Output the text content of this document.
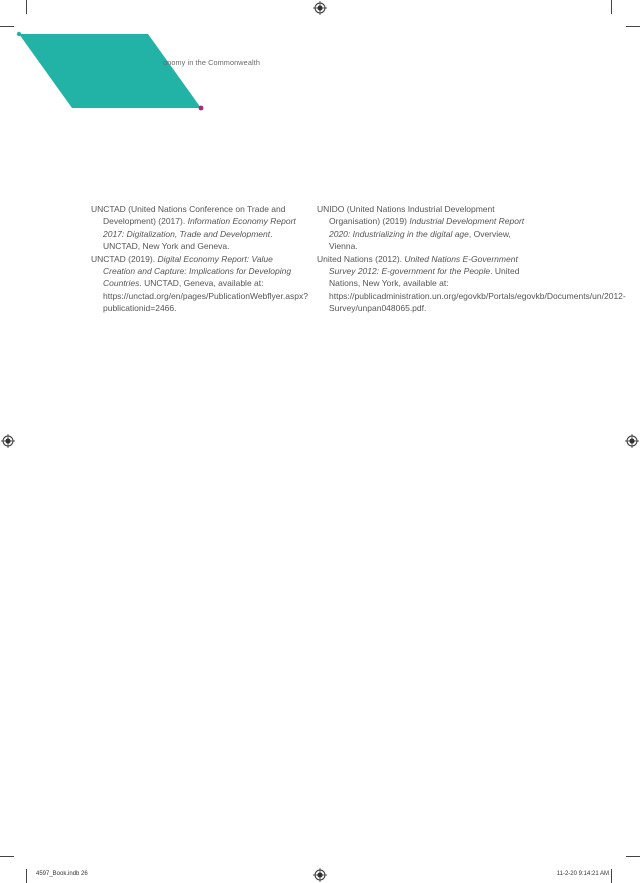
onomy in the Commonwealth

UNCTAD (United Nations Conference on Trade and Development) (2017). Information Economy Report 2017: Digitalization, Trade and Development. UNCTAD, New York and Geneva.

UNCTAD (2019). Digital Economy Report: Value Creation and Capture: Implications for Developing Countries. UNCTAD, Geneva, available at: https://unctad.org/en/pages/PublicationWebflyer.aspx?publicationid=2466.

UNIDO (United Nations Industrial Development Organisation) (2019) Industrial Development Report 2020: Industrializing in the digital age, Overview, Vienna.

United Nations (2012). United Nations E-Government Survey 2012: E-government for the People. United Nations, New York, available at: https://publicadministration.un.org/egovkb/Portals/egovkb/Documents/un/2012-Survey/unpan048065.pdf.

4597_Book.indb 26	11-2-20 9:14:21 AM
